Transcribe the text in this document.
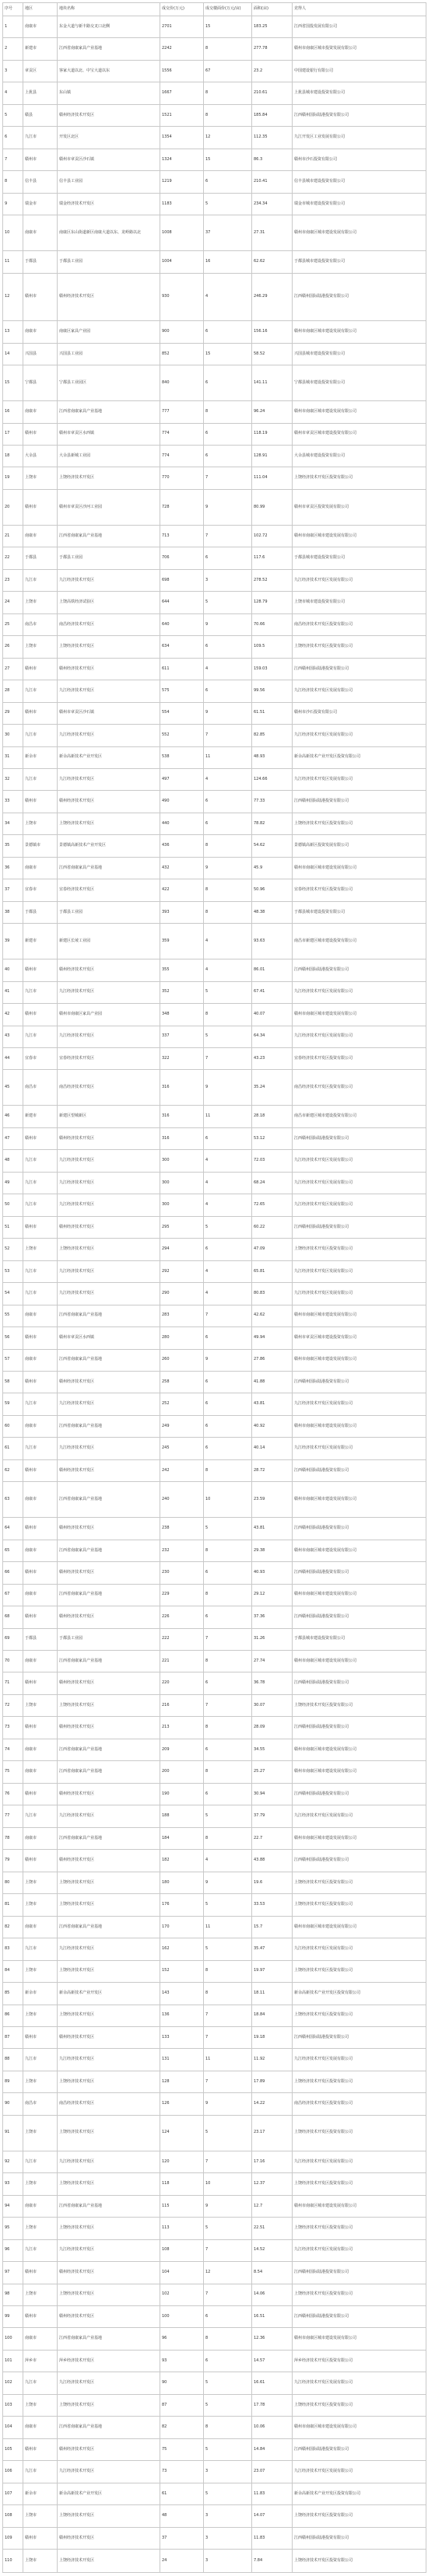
序号	地区	地块名称	成交价(万元)	成交楼面价(万元/亩)	面积(亩)	竞得人
1	南康市	东金大道与新丰路交叉口北侧	2701	15	183.25	江西省国投发展有限公司
2	新建市	江西省南康家具产业基地	2242	8	277.78	赣州市南康区城市投资发展有限公司
3	章贡区	客家大道以北、中宝大道以东	1556	67	23.2	中国建设银行有限公司
4	上犹县	东山镇	1667	8	210.61	上犹县城市建设投资有限公司
5	赣县	赣州经济技术开发区	1521	8	185.84	江西赣州国际陆港投资有限公司
6	九江市	开发区北区	1354	12	112.35	九江开发区工业发展有限公司
7	赣州市	赣州市章贡区沙石镇	1324	15	86.3	赣州市沙石投资有限公司
8	信丰县	信丰县工业园	1219	6	210.41	信丰县城市建设投资有限公司
9	瑞金市	瑞金经济技术开发区	1183	5	234.34	瑞金市城市建设投资有限公司
10	南康市	南康区东山街道新区南康大道以东、龙岭路以北	1008	37	27.31	赣州市南康区城市建设发展有限公司
11	于都县	于都县工业园	1004	16	62.62	于都县城市建设投资有限公司
12	赣州市	赣州经济技术开发区	930	4	246.29	江西赣州国际陆港投资有限公司
13	南康市	南康区家具产业园	900	6	156.16	赣州市南康区城市建设发展有限公司
14	兴国县	兴国县工业园	852	15	58.52	兴国县城市建设投资有限公司
15	宁都县	宁都县工业园区	840	6	141.11	宁都县城市建设投资有限公司
16	南康市	江西省南康家具产业基地	777	8	96.24	赣州市南康区城市建设发展有限公司
17	赣州市	赣州市章贡区水西镇	774	6	118.19	赣州市章贡区城市建设投资有限公司
18	大余县	大余县新城工业园	774	6	128.91	大余县城市建设投资有限公司
19	上饶市	上饶经济技术开发区	770	7	111.04	上饶经济技术开发区投资有限公司
20	赣州市	赣州市章贡区沙河工业园	728	9	80.99	赣州市章贡区投资发展有限公司
21	南康市	江西省南康家具产业基地	713	7	102.72	赣州市南康区城市建设发展有限公司
22	于都县	于都县工业园	706	6	117.6	于都县城市建设投资有限公司
23	九江市	九江经济技术开发区	698	3	278.52	九江经济技术开发区发展有限公司
24	上饶市	上饶高铁经济试验区	644	5	128.79	上饶市城市建设投资有限公司
25	南昌市	南昌经济技术开发区	640	9	70.66	南昌经济技术开发区投资有限公司
26	上饶市	上饶经济技术开发区	634	6	109.5	上饶经济技术开发区投资有限公司
27	赣州市	赣州经济技术开发区	611	4	159.03	江西赣州国际陆港投资有限公司
28	九江市	九江经济技术开发区	575	6	99.56	九江经济技术开发区发展有限公司
29	赣州市	赣州市章贡区沙石镇	554	9	61.51	赣州市沙石投资有限公司
30	九江市	九江经济技术开发区	552	7	82.85	九江经济技术开发区发展有限公司
31	新余市	新余高新技术产业开发区	538	11	48.93	新余高新技术产业开发区投资有限公司
32	九江市	九江经济技术开发区	497	4	124.66	九江经济技术开发区发展有限公司
33	赣州市	赣州经济技术开发区	490	6	77.33	江西赣州国际陆港投资有限公司
34	上饶市	上饶经济技术开发区	440	6	78.82	上饶经济技术开发区投资有限公司
35	景德镇市	景德镇高新技术产业开发区	436	8	54.62	景德镇高新区投资发展有限公司
36	南康市	江西省南康家具产业基地	432	9	45.9	赣州市南康区城市建设发展有限公司
37	宜春市	宜春经济技术开发区	422	8	50.96	宜春经济技术开发区投资有限公司
38	于都县	于都县工业园	393	8	48.38	于都县城市建设投资有限公司
39	新建市	新建区长堎工业园	359	4	93.63	南昌市新建区城市建设投资有限公司
40	赣州市	赣州经济技术开发区	355	4	86.01	江西赣州国际陆港投资有限公司
41	九江市	九江经济技术开发区	352	5	67.41	九江经济技术开发区发展有限公司
42	赣州市	赣州市南康区家具产业园	348	8	40.07	赣州市南康区城市建设发展有限公司
43	九江市	九江经济技术开发区	337	5	64.34	九江经济技术开发区发展有限公司
44	宜春市	宜春经济技术开发区	322	7	43.23	宜春经济技术开发区投资有限公司
45	南昌市	南昌经济技术开发区	316	9	35.24	南昌经济技术开发区投资有限公司
46	新建市	新建区望城新区	316	11	28.18	南昌市新建区城市建设投资有限公司
47	赣州市	赣州经济技术开发区	316	6	53.12	江西赣州国际陆港投资有限公司
48	九江市	九江经济技术开发区	300	4	72.03	九江经济技术开发区发展有限公司
49	九江市	九江经济技术开发区	300	4	68.24	九江经济技术开发区发展有限公司
50	九江市	九江经济技术开发区	300	4	72.65	九江经济技术开发区发展有限公司
51	赣州市	赣州经济技术开发区	295	5	60.22	江西赣州国际陆港投资有限公司
52	上饶市	上饶经济技术开发区	294	6	47.09	上饶经济技术开发区投资有限公司
53	九江市	九江经济技术开发区	292	4	65.81	九江经济技术开发区发展有限公司
54	九江市	九江经济技术开发区	290	4	80.83	九江经济技术开发区发展有限公司
55	南康市	江西省南康家具产业基地	283	7	42.62	赣州市南康区城市建设发展有限公司
56	赣州市	赣州市章贡区水西镇	280	6	49.94	赣州市章贡区城市建设投资有限公司
57	南康市	江西省南康家具产业基地	260	9	27.86	赣州市南康区城市建设发展有限公司
58	赣州市	赣州经济技术开发区	258	6	41.88	江西赣州国际陆港投资有限公司
59	九江市	九江经济技术开发区	252	6	43.81	九江经济技术开发区发展有限公司
60	南康市	江西省南康家具产业基地	249	6	40.92	赣州市南康区城市建设发展有限公司
61	九江市	九江经济技术开发区	245	6	40.14	九江经济技术开发区发展有限公司
62	赣州市	赣州经济技术开发区	242	8	28.72	江西赣州国际陆港投资有限公司
63	南康市	江西省南康家具产业基地	240	10	23.59	赣州市南康区城市建设发展有限公司
64	赣州市	赣州经济技术开发区	238	5	43.81	江西赣州国际陆港投资有限公司
65	南康市	江西省南康家具产业基地	232	8	29.38	赣州市南康区城市建设发展有限公司
66	赣州市	赣州经济技术开发区	230	6	40.93	江西赣州国际陆港投资有限公司
67	南康市	江西省南康家具产业基地	229	8	29.12	赣州市南康区城市建设发展有限公司
68	赣州市	赣州经济技术开发区	226	6	37.36	江西赣州国际陆港投资有限公司
69	于都县	于都县工业园	222	7	31.26	于都县城市建设投资有限公司
70	南康市	江西省南康家具产业基地	221	8	27.74	赣州市南康区城市建设发展有限公司
71	赣州市	赣州经济技术开发区	220	6	36.78	江西赣州国际陆港投资有限公司
72	上饶市	上饶经济技术开发区	216	7	30.07	上饶经济技术开发区投资有限公司
73	赣州市	赣州经济技术开发区	213	8	28.09	江西赣州国际陆港投资有限公司
74	南康市	江西省南康家具产业基地	209	6	34.55	赣州市南康区城市建设发展有限公司
75	南康市	江西省南康家具产业基地	200	8	25.27	赣州市南康区城市建设发展有限公司
76	赣州市	赣州经济技术开发区	190	6	30.94	江西赣州国际陆港投资有限公司
77	九江市	九江经济技术开发区	188	5	37.79	九江经济技术开发区发展有限公司
78	南康市	江西省南康家具产业基地	184	8	22.7	赣州市南康区城市建设发展有限公司
79	赣州市	赣州经济技术开发区	182	4	43.88	江西赣州国际陆港投资有限公司
80	上饶市	上饶经济技术开发区	180	9	19.6	上饶经济技术开发区投资有限公司
81	上饶市	上饶经济技术开发区	176	5	33.53	上饶经济技术开发区投资有限公司
82	南康市	江西省南康家具产业基地	170	11	15.7	赣州市南康区城市建设发展有限公司
83	九江市	九江经济技术开发区	162	5	35.47	九江经济技术开发区发展有限公司
84	上饶市	上饶经济技术开发区	152	8	19.97	上饶经济技术开发区投资有限公司
85	新余市	新余高新技术产业开发区	143	8	18.11	新余高新技术产业开发区投资有限公司
86	上饶市	上饶经济技术开发区	136	7	18.84	上饶经济技术开发区投资有限公司
87	赣州市	赣州经济技术开发区	133	7	19.18	江西赣州国际陆港投资有限公司
88	九江市	九江经济技术开发区	131	11	11.92	九江经济技术开发区发展有限公司
89	上饶市	上饶经济技术开发区	128	7	17.89	上饶经济技术开发区投资有限公司
90	南昌市	南昌经济技术开发区	126	9	14.22	南昌经济技术开发区投资有限公司
91	上饶市	上饶经济技术开发区	124	5	23.17	上饶经济技术开发区投资有限公司
92	九江市	九江经济技术开发区	120	7	17.16	九江经济技术开发区发展有限公司
93	上饶市	上饶经济技术开发区	118	10	12.37	上饶经济技术开发区投资有限公司
94	南康市	江西省南康家具产业基地	115	9	12.7	赣州市南康区城市建设发展有限公司
95	上饶市	上饶经济技术开发区	113	5	22.51	上饶经济技术开发区投资有限公司
96	九江市	九江经济技术开发区	108	7	14.52	九江经济技术开发区发展有限公司
97	赣州市	赣州经济技术开发区	104	12	8.54	江西赣州国际陆港投资有限公司
98	上饶市	上饶经济技术开发区	102	7	14.06	上饶经济技术开发区投资有限公司
99	赣州市	赣州经济技术开发区	100	6	16.51	江西赣州国际陆港投资有限公司
100	南康市	江西省南康家具产业基地	96	8	12.36	赣州市南康区城市建设发展有限公司
101	萍乡市	萍乡经济技术开发区	93	6	14.57	萍乡经济技术开发区投资有限公司
102	九江市	九江经济技术开发区	90	5	16.61	九江经济技术开发区发展有限公司
103	上饶市	上饶经济技术开发区	87	5	17.78	上饶经济技术开发区投资有限公司
104	南康市	江西省南康家具产业基地	82	8	10.06	赣州市南康区城市建设发展有限公司
105	赣州市	赣州经济技术开发区	75	5	14.84	江西赣州国际陆港投资有限公司
106	九江市	九江经济技术开发区	73	3	23.07	九江经济技术开发区发展有限公司
107	新余市	新余高新技术产业开发区	61	5	11.83	新余高新技术产业开发区投资有限公司
108	上饶市	上饶经济技术开发区	48	3	14.07	上饶经济技术开发区投资有限公司
109	赣州市	赣州经济技术开发区	37	3	11.83	江西赣州国际陆港投资有限公司
110	上饶市	上饶经济技术开发区	24	3	7.84	上饶经济技术开发区投资有限公司
